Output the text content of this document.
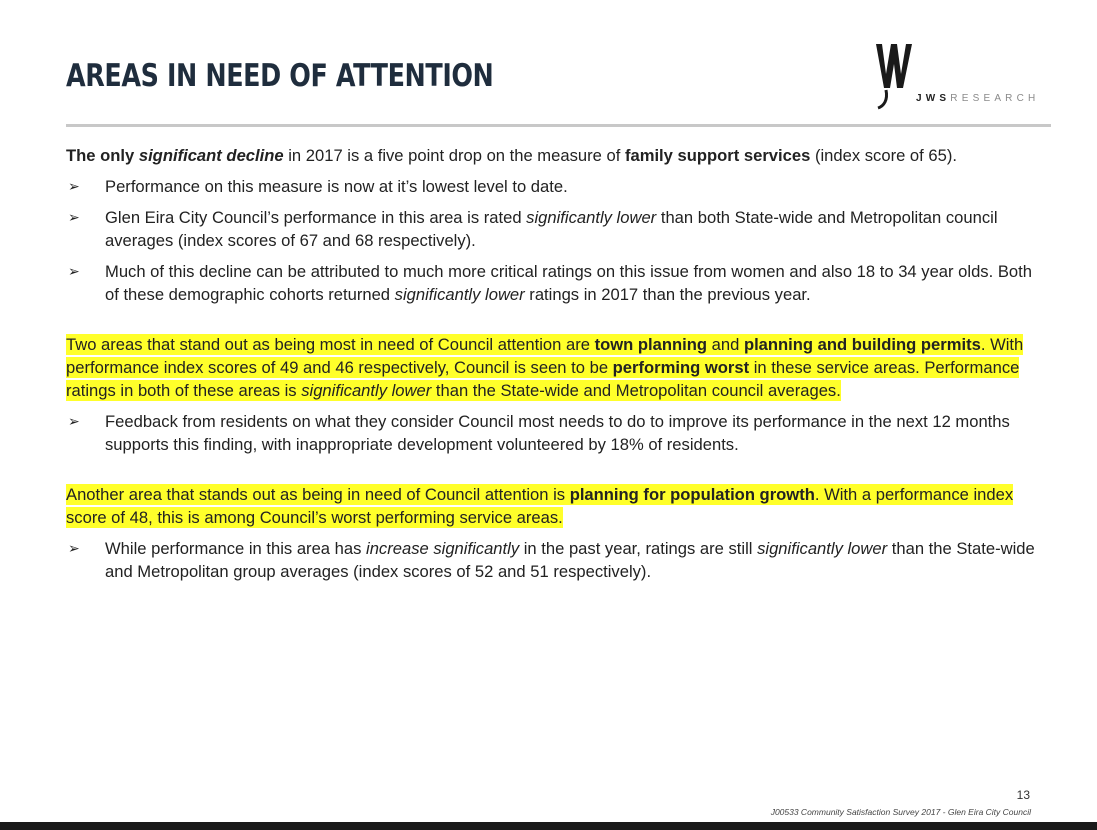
AREAS IN NEED OF ATTENTION
JWSRESEARCH

The only significant decline in 2017 is a five point drop on the measure of family support services (index score of 65).

➢ Performance on this measure is now at it’s lowest level to date.
➢ Glen Eira City Council’s performance in this area is rated significantly lower than both State-wide and Metropolitan council averages (index scores of 67 and 68 respectively).
➢ Much of this decline can be attributed to much more critical ratings on this issue from women and also 18 to 34 year olds. Both of these demographic cohorts returned significantly lower ratings in 2017 than the previous year.

Two areas that stand out as being most in need of Council attention are town planning and planning and building permits. With performance index scores of 49 and 46 respectively, Council is seen to be performing worst in these service areas. Performance ratings in both of these areas is significantly lower than the State-wide and Metropolitan council averages.

➢ Feedback from residents on what they consider Council most needs to do to improve its performance in the next 12 months supports this finding, with inappropriate development volunteered by 18% of residents.

Another area that stands out as being in need of Council attention is planning for population growth. With a performance index score of 48, this is among Council’s worst performing service areas.

➢ While performance in this area has increase significantly in the past year, ratings are still significantly lower than the State-wide and Metropolitan group averages (index scores of 52 and 51 respectively).
13
J00533 Community Satisfaction Survey 2017 - Glen Eira City Council
